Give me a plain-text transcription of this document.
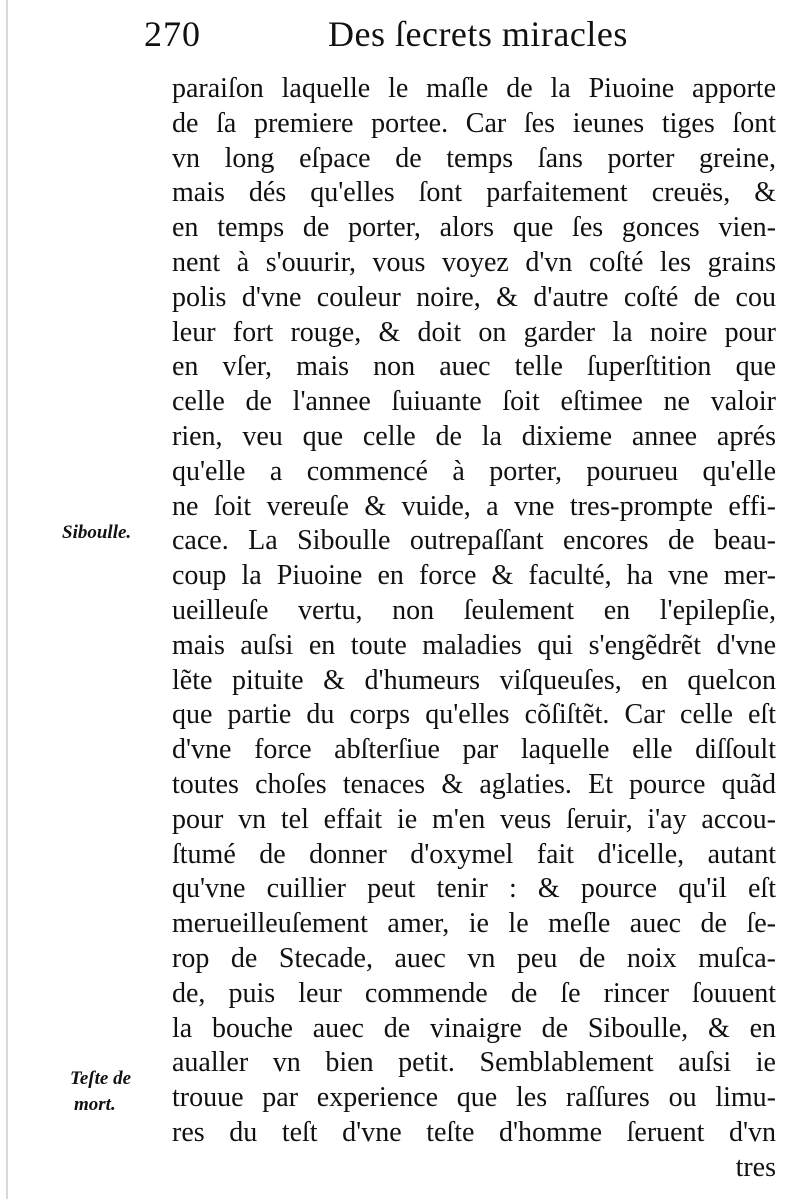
270	Des ſecrets miracles
Siboulle.
Teſte de
mort.
paraiſon laquelle le maſle de la Piuoine apporte
de ſa premiere portee. Car ſes ieunes tiges ſont
vn long eſpace de temps ſans porter greine,
mais dés qu'elles ſont parfaitement creuës, &
en temps de porter, alors que ſes gonces vien-
nent à s'ouurir, vous voyez d'vn coſté les grains
polis d'vne couleur noire, & d'autre coſté de cou
leur fort rouge, & doit on garder la noire pour
en vſer, mais non auec telle ſuperſtition que
celle de l'annee ſuiuante ſoit eſtimee ne valoir
rien, veu que celle de la dixieme annee aprés
qu'elle a commencé à porter, pourueu qu'elle
ne ſoit vereuſe & vuide, a vne tres-prompte effi-
cace. La Siboulle outrepaſſant encores de beau-
coup la Piuoine en force & faculté, ha vne mer-
ueilleuſe vertu, non ſeulement en l'epilepſie,
mais auſsi en toute maladies qui s'engẽdrẽt d'vne
lẽte pituite & d'humeurs viſqueuſes, en quelcon
que partie du corps qu'elles cõſiſtẽt. Car celle eſt
d'vne force abſterſiue par laquelle elle diſſoult
toutes choſes tenaces & aglaties. Et pource quãd
pour vn tel effait ie m'en veus ſeruir, i'ay accou-
ſtumé de donner d'oxymel fait d'icelle, autant
qu'vne cuillier peut tenir : & pource qu'il eſt
merueilleuſement amer, ie le meſle auec de ſe-
rop de Stecade, auec vn peu de noix muſca-
de, puis leur commende de ſe rincer ſouuent
la bouche auec de vinaigre de Siboulle, & en
aualler vn bien petit. Semblablement auſsi ie
trouue par experience que les raſſures ou limu-
res du teſt d'vne teſte d'homme ſeruent d'vn
tres
